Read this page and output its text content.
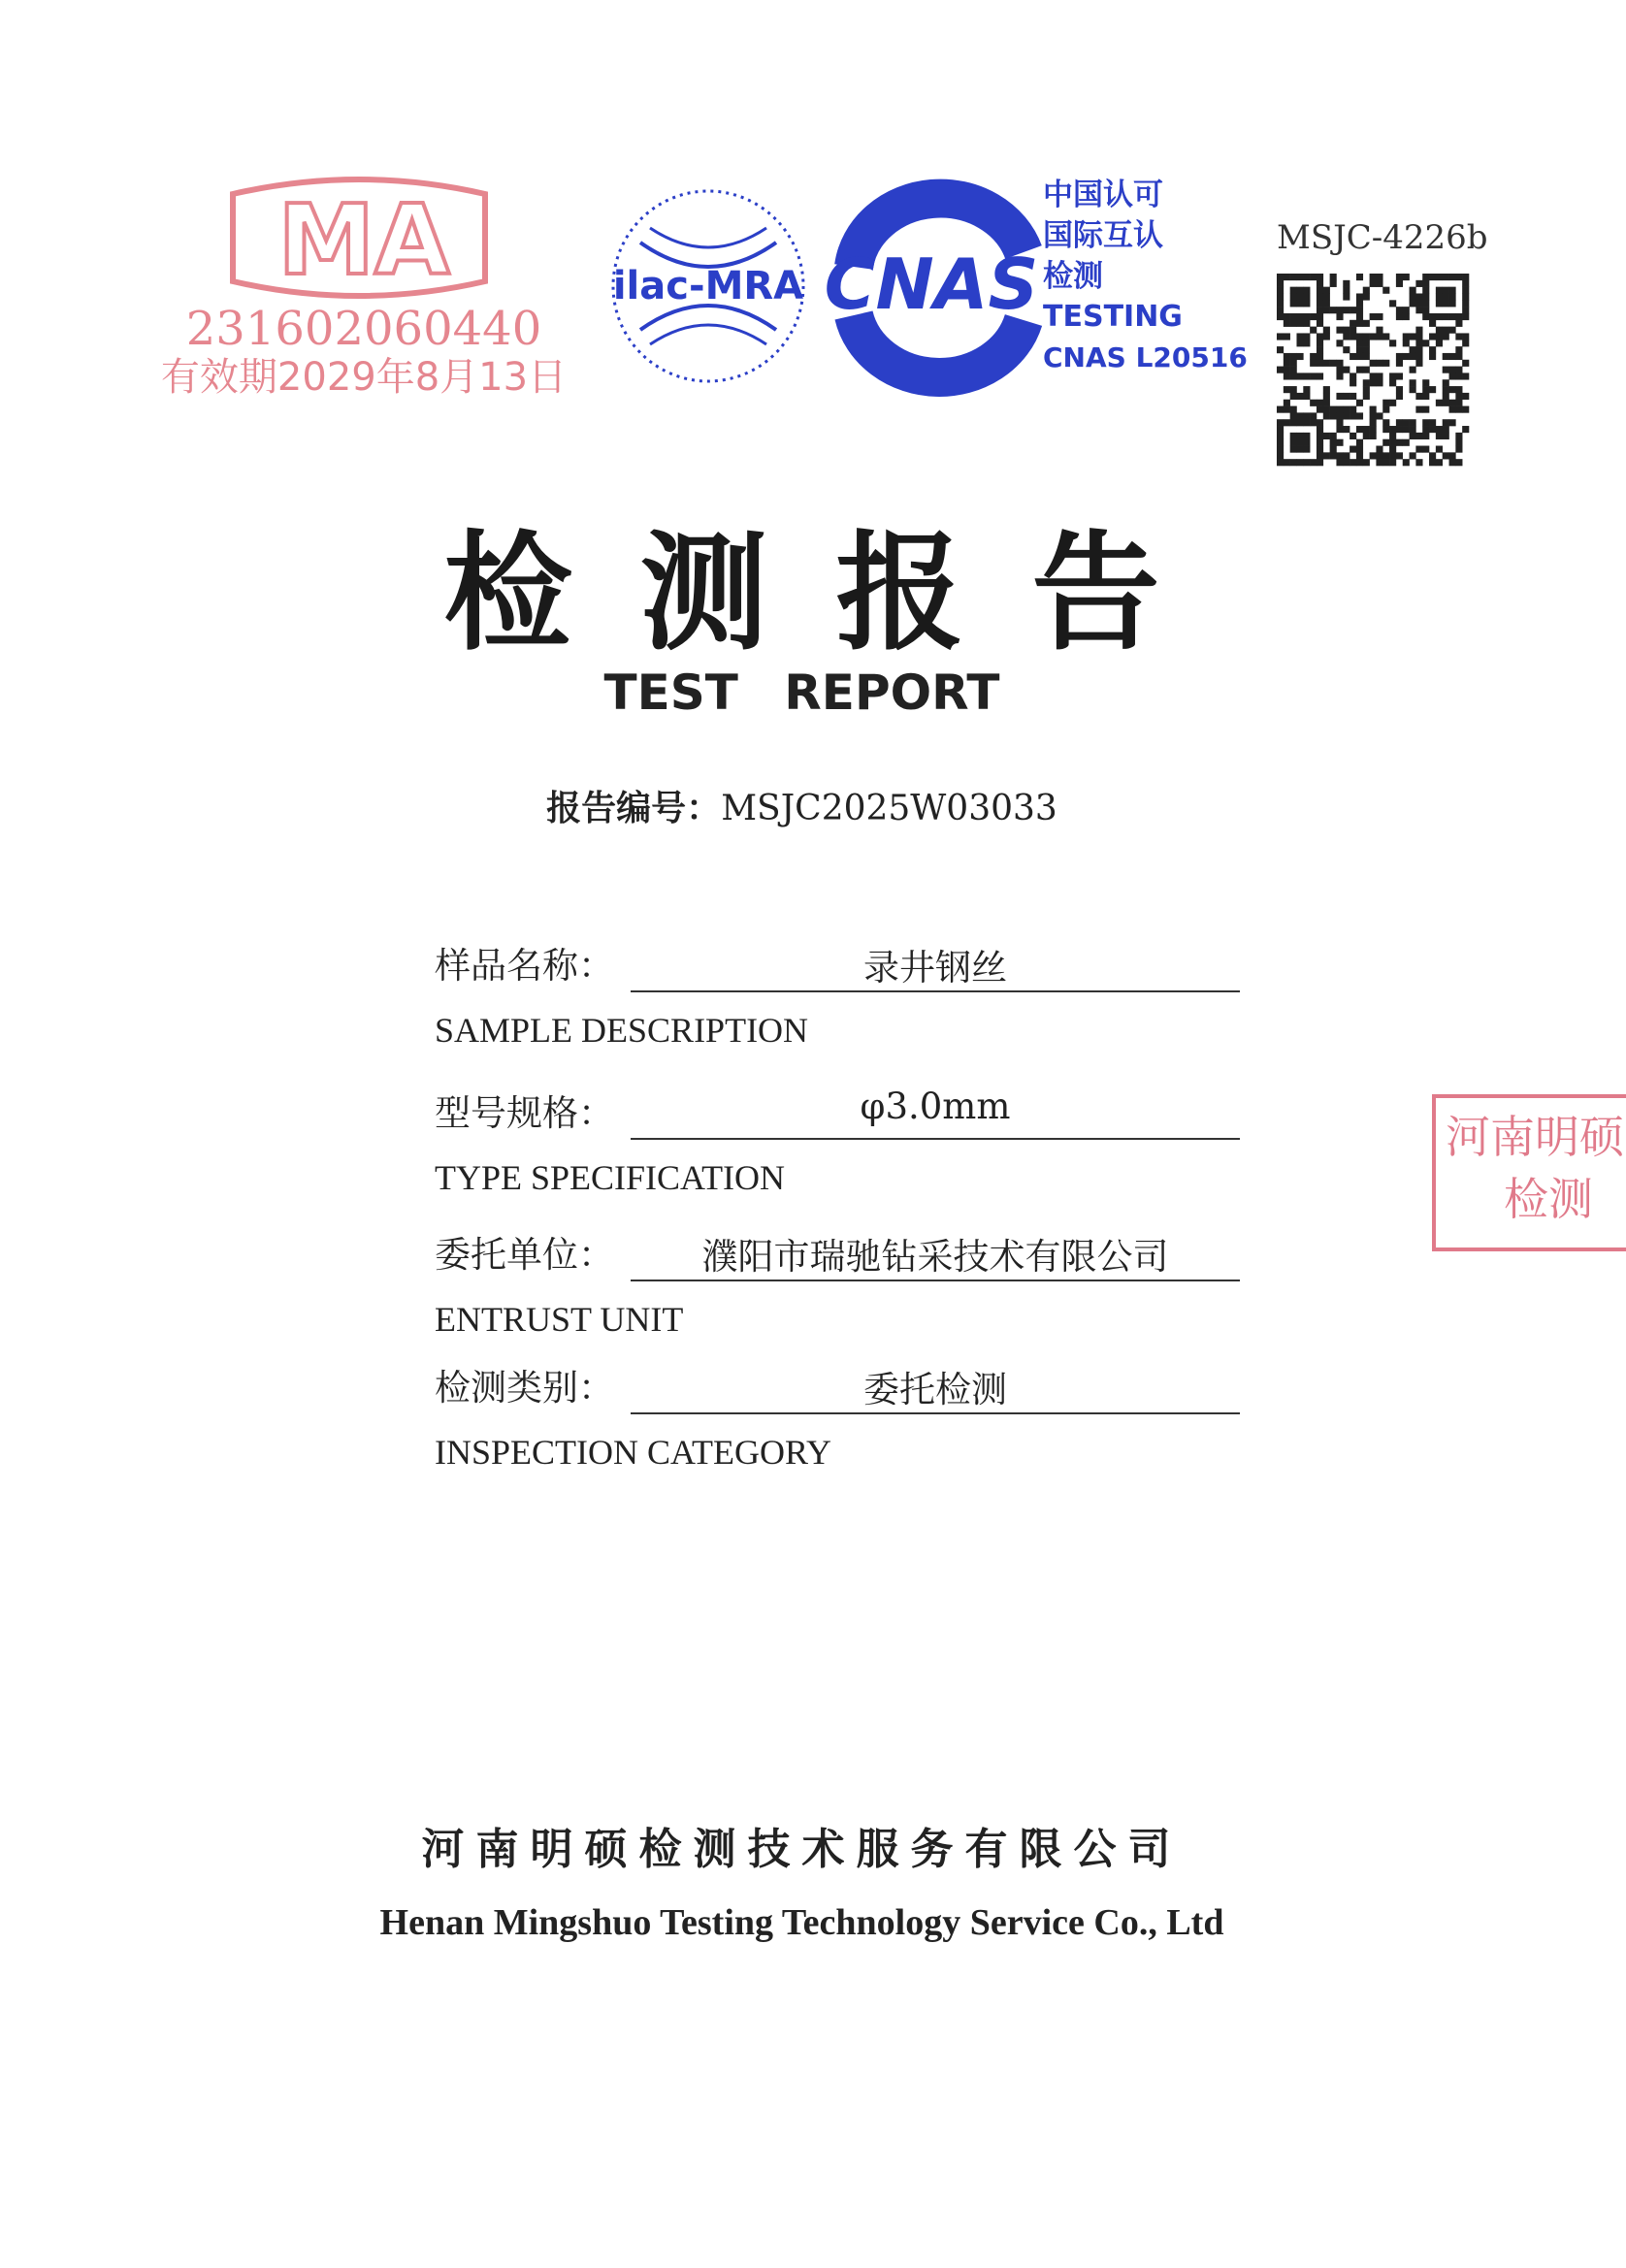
MA
231602060440
有效期2029年8月13日
ilac-MRA CNAS
中国认可
国际互认
检测
TESTING
CNAS L20516
MSJC-4226b
检测报告
TEST REPORT
报告编号：MSJC2025W03033
样品名称：	录井钢丝
SAMPLE DESCRIPTION
型号规格：	φ3.0mm
TYPE SPECIFICATION
委托单位：	濮阳市瑞驰钻采技术有限公司
ENTRUST UNIT
检测类别：	委托检测
INSPECTION CATEGORY
河南明硕
检测
河南明硕检测技术服务有限公司
Henan Mingshuo Testing Technology Service Co., Ltd
